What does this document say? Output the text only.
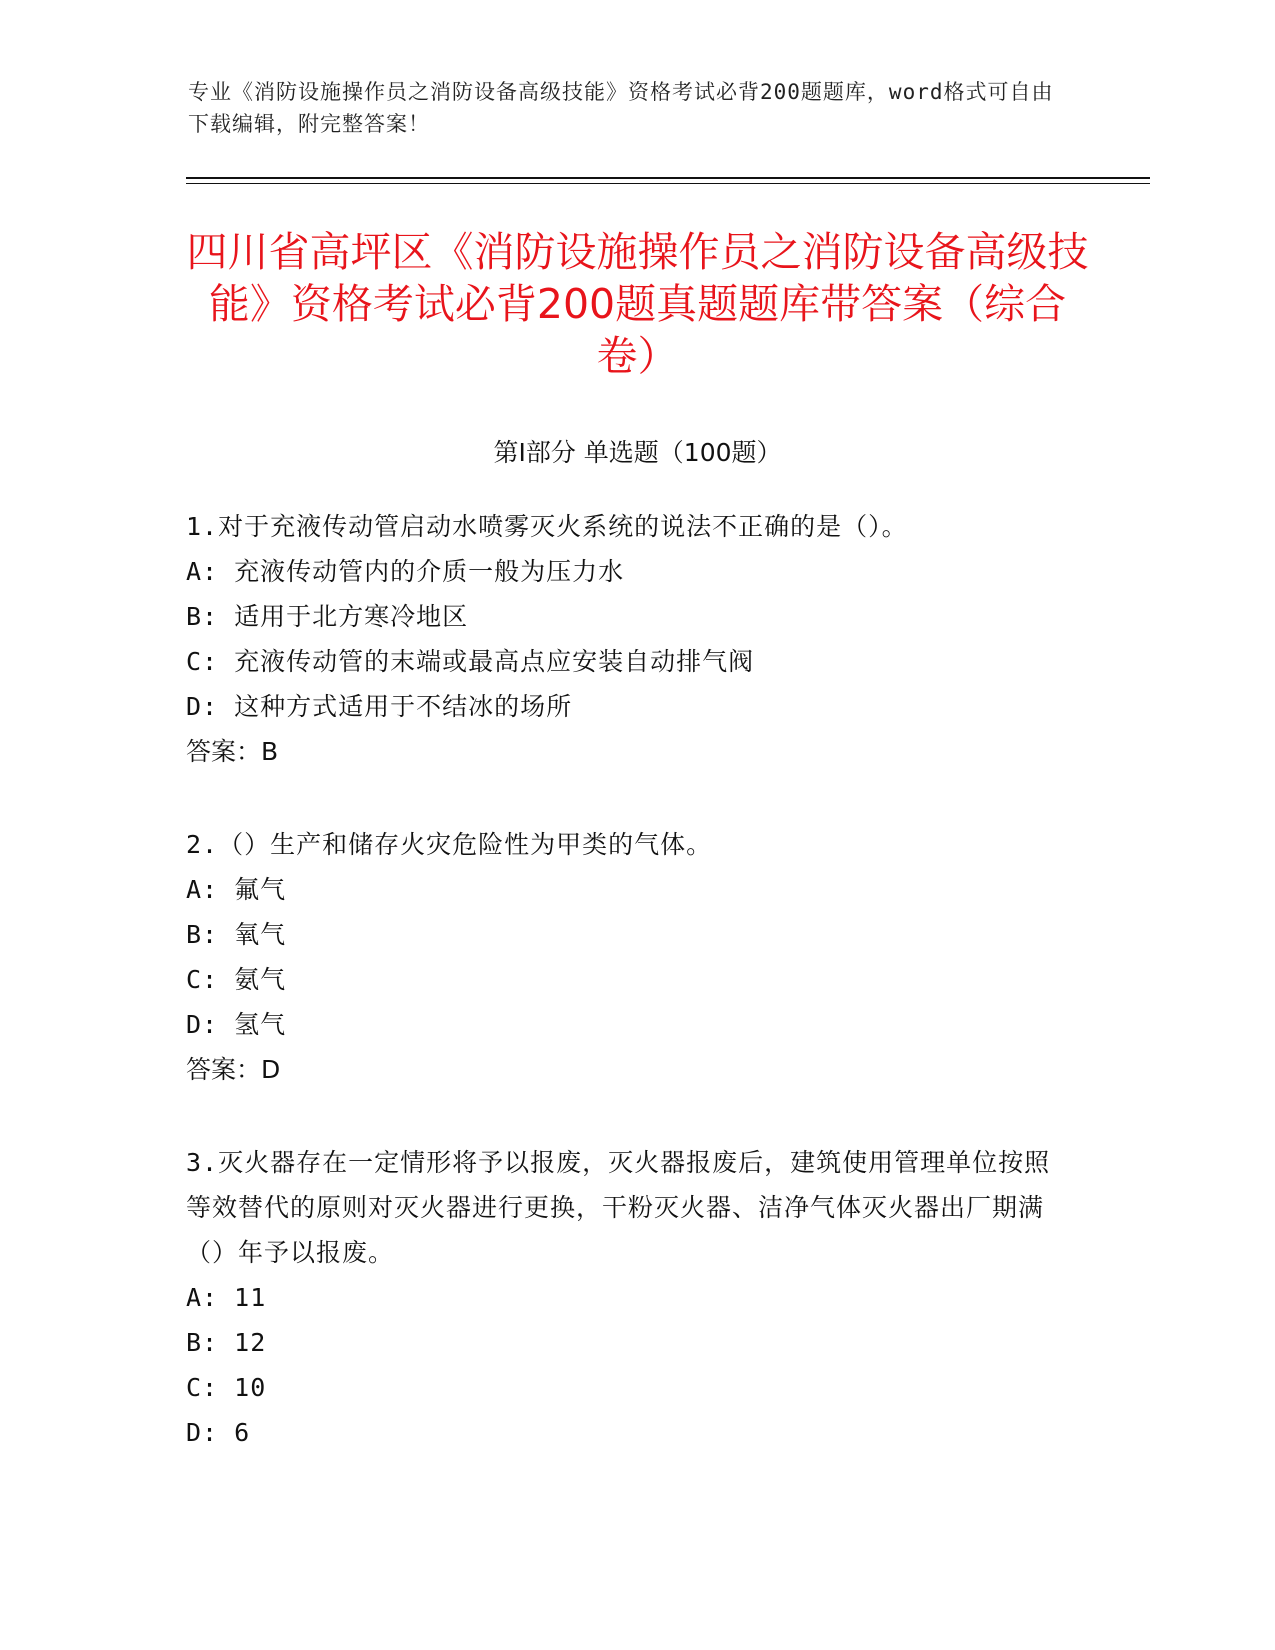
专业《消防设施操作员之消防设备高级技能》资格考试必背200题题库，word格式可自由下载编辑，附完整答案！
四川省高坪区《消防设施操作员之消防设备高级技能》资格考试必背200题真题题库带答案（综合卷）
第Ⅰ部分 单选题（100题）
1.对于充液传动管启动水喷雾灭火系统的说法不正确的是（）。
A: 充液传动管内的介质一般为压力水
B: 适用于北方寒冷地区
C: 充液传动管的末端或最高点应安装自动排气阀
D: 这种方式适用于不结冰的场所
答案：B
2.（）生产和储存火灾危险性为甲类的气体。
A: 氟气
B: 氧气
C: 氨气
D: 氢气
答案：D
3.灭火器存在一定情形将予以报废，灭火器报废后，建筑使用管理单位按照等效替代的原则对灭火器进行更换，干粉灭火器、洁净气体灭火器出厂期满（）年予以报废。
A: 11
B: 12
C: 10
D: 6
